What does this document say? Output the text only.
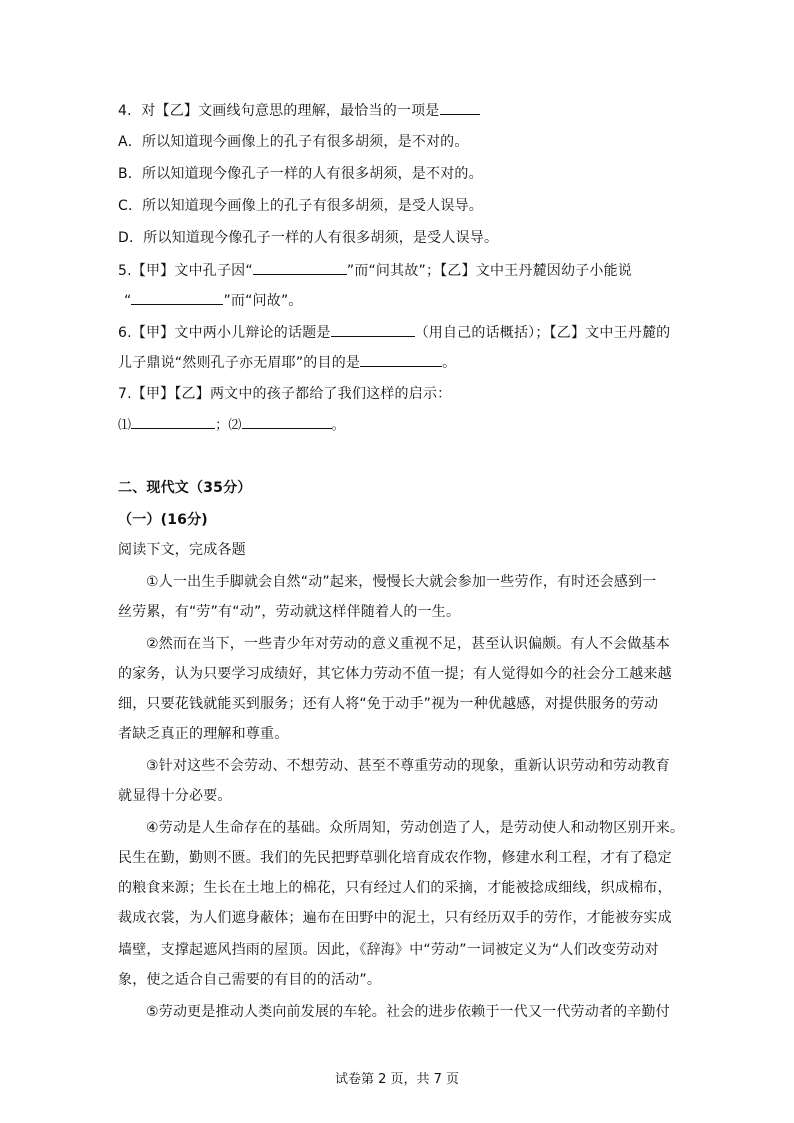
4．对【乙】文画线句意思的理解，最恰当的一项是
A．所以知道现今画像上的孔子有很多胡须，是不对的。
B．所以知道现今像孔子一样的人有很多胡须，是不对的。
C．所以知道现今画像上的孔子有很多胡须，是受人误导。
D．所以知道现今像孔子一样的人有很多胡须，是受人误导。
5.【甲】文中孔子因“	”而“问其故”；【乙】文中王丹麓因幼子小能说
“	”而“问故”。
6.【甲】文中两小儿辩论的话题是	（用自己的话概括）；【乙】文中王丹麓的
儿子鼎说“然则孔子亦无眉耶”的目的是	。
7.【甲】【乙】两文中的孩子都给了我们这样的启示：
⑴	；⑵	。
二、现代文（35分）
（一）(16分)
阅读下文，完成各题
①人一出生手脚就会自然“动”起来，慢慢长大就会参加一些劳作，有时还会感到一
丝劳累，有“劳”有“动”，劳动就这样伴随着人的一生。
②然而在当下，一些青少年对劳动的意义重视不足，甚至认识偏颇。有人不会做基本
的家务，认为只要学习成绩好，其它体力劳动不值一提；有人觉得如今的社会分工越来越
细，只要花钱就能买到服务；还有人将“免于动手”视为一种优越感，对提供服务的劳动
者缺乏真正的理解和尊重。
③针对这些不会劳动、不想劳动、甚至不尊重劳动的现象，重新认识劳动和劳动教育
就显得十分必要。
④劳动是人生命存在的基础。众所周知，劳动创造了人，是劳动使人和动物区别开来。
民生在勤，勤则不匮。我们的先民把野草驯化培育成农作物，修建水利工程，才有了稳定
的粮食来源；生长在土地上的棉花，只有经过人们的采摘，才能被捻成细线，织成棉布，
裁成衣裳，为人们遮身蔽体；遍布在田野中的泥土，只有经历双手的劳作，才能被夯实成
墙壁，支撑起遮风挡雨的屋顶。因此，《辞海》中“劳动”一词被定义为“人们改变劳动对
象，使之适合自己需要的有目的的活动”。
⑤劳动更是推动人类向前发展的车轮。社会的进步依赖于一代又一代劳动者的辛勤付
试卷第 2 页，共 7 页
